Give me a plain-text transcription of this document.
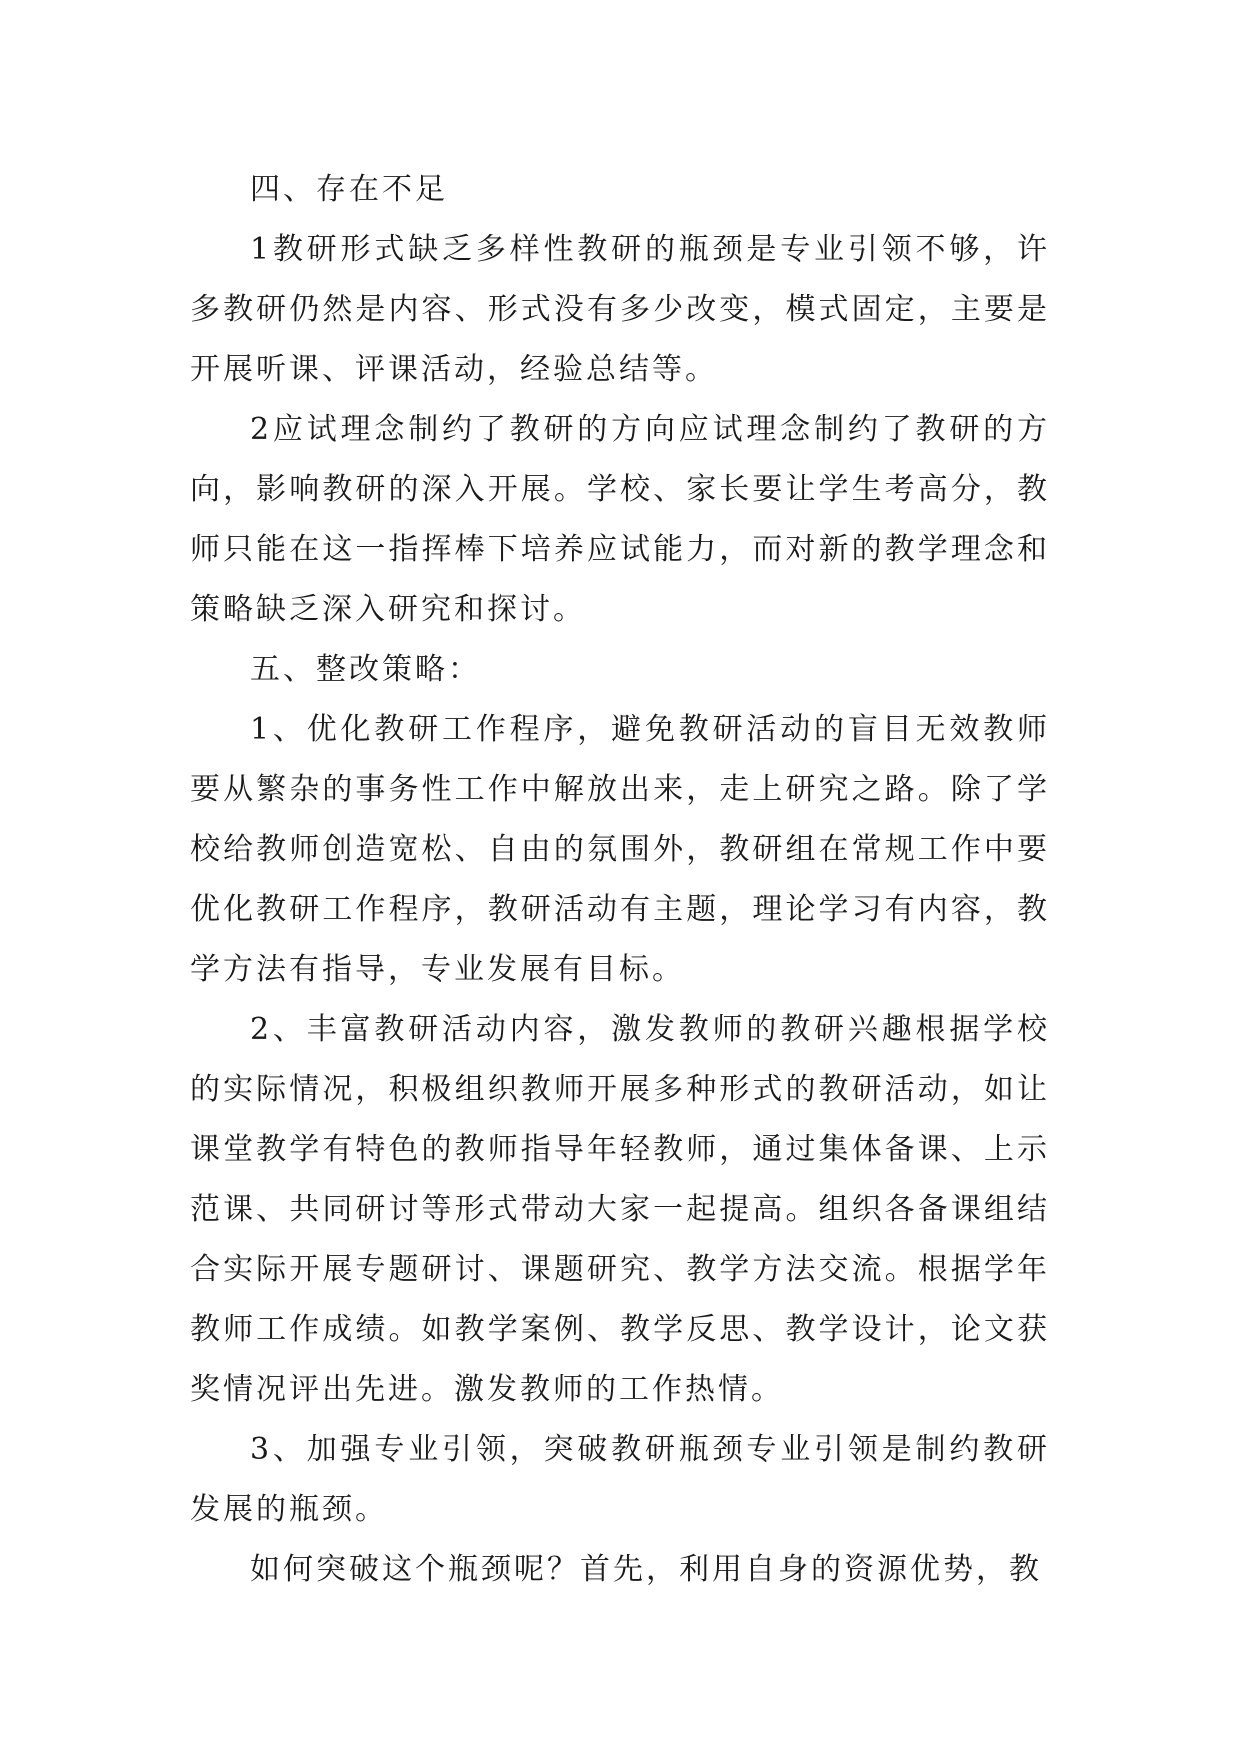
四、存在不足

1教研形式缺乏多样性教研的瓶颈是专业引领不够，许多教研仍然是内容、形式没有多少改变，模式固定，主要是开展听课、评课活动，经验总结等。

2应试理念制约了教研的方向应试理念制约了教研的方向，影响教研的深入开展。学校、家长要让学生考高分，教师只能在这一指挥棒下培养应试能力，而对新的教学理念和策略缺乏深入研究和探讨。

五、整改策略：

1、优化教研工作程序，避免教研活动的盲目无效教师要从繁杂的事务性工作中解放出来，走上研究之路。除了学校给教师创造宽松、自由的氛围外，教研组在常规工作中要优化教研工作程序，教研活动有主题，理论学习有内容，教学方法有指导，专业发展有目标。

2、丰富教研活动内容，激发教师的教研兴趣根据学校的实际情况，积极组织教师开展多种形式的教研活动，如让课堂教学有特色的教师指导年轻教师，通过集体备课、上示范课、共同研讨等形式带动大家一起提高。组织各备课组结合实际开展专题研讨、课题研究、教学方法交流。根据学年教师工作成绩。如教学案例、教学反思、教学设计，论文获奖情况评出先进。激发教师的工作热情。

3、加强专业引领，突破教研瓶颈专业引领是制约教研发展的瓶颈。

如何突破这个瓶颈呢？首先，利用自身的资源优势，教
